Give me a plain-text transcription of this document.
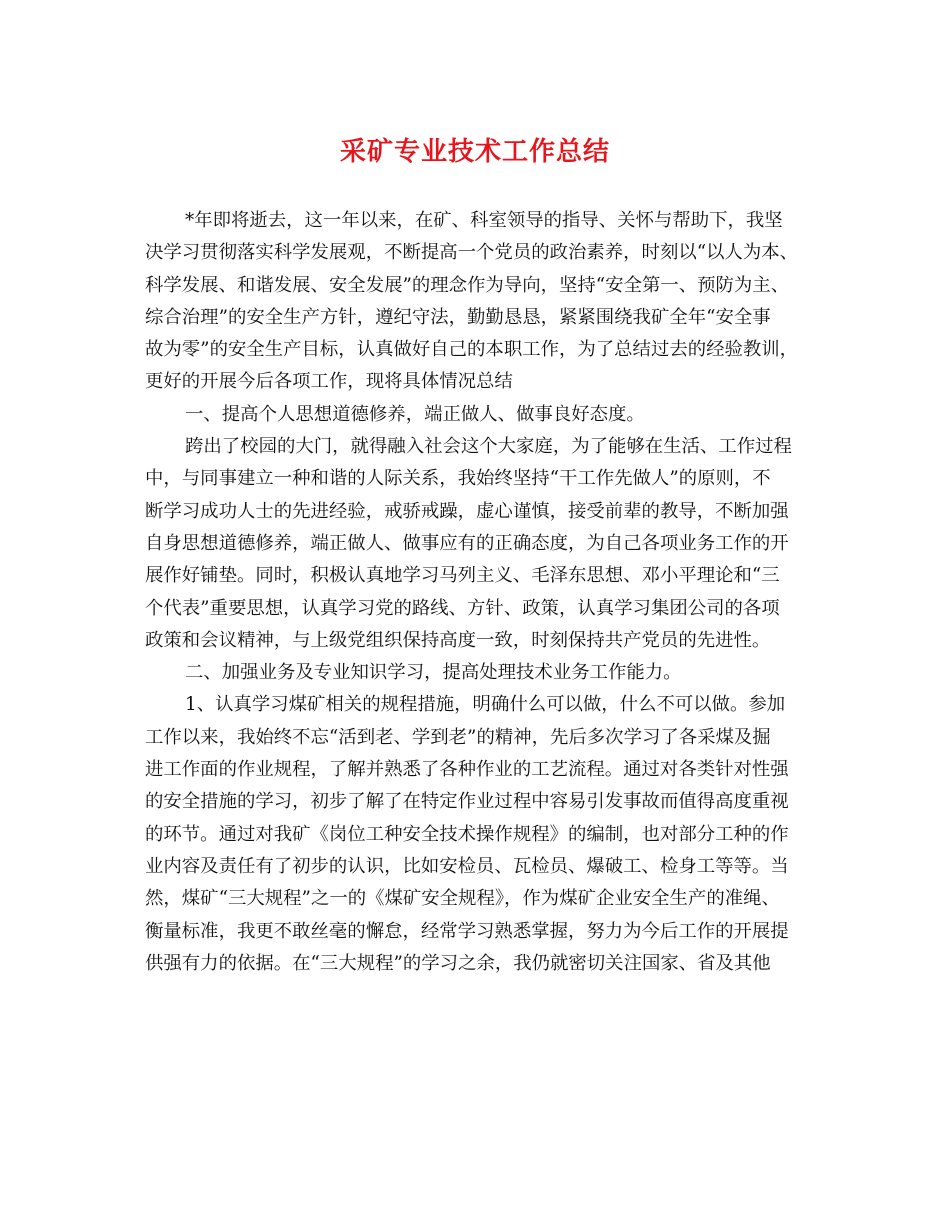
采矿专业技术工作总结
*年即将逝去，这一年以来，在矿、科室领导的指导、关怀与帮助下，我坚
决学习贯彻落实科学发展观，不断提高一个党员的政治素养，时刻以“以人为本、
科学发展、和谐发展、安全发展”的理念作为导向，坚持“安全第一、预防为主、
综合治理”的安全生产方针，遵纪守法，勤勤恳恳，紧紧围绕我矿全年“安全事
故为零”的安全生产目标，认真做好自己的本职工作，为了总结过去的经验教训，
更好的开展今后各项工作，现将具体情况总结
一、提高个人思想道德修养，端正做人、做事良好态度。
跨出了校园的大门，就得融入社会这个大家庭，为了能够在生活、工作过程
中，与同事建立一种和谐的人际关系，我始终坚持“干工作先做人”的原则，不
断学习成功人士的先进经验，戒骄戒躁，虚心谨慎，接受前辈的教导，不断加强
自身思想道德修养，端正做人、做事应有的正确态度，为自己各项业务工作的开
展作好铺垫。同时，积极认真地学习马列主义、毛泽东思想、邓小平理论和“三
个代表”重要思想，认真学习党的路线、方针、政策，认真学习集团公司的各项
政策和会议精神，与上级党组织保持高度一致，时刻保持共产党员的先进性。
二、加强业务及专业知识学习，提高处理技术业务工作能力。
1、认真学习煤矿相关的规程措施，明确什么可以做，什么不可以做。参加
工作以来，我始终不忘“活到老、学到老”的精神，先后多次学习了各采煤及掘
进工作面的作业规程，了解并熟悉了各种作业的工艺流程。通过对各类针对性强
的安全措施的学习，初步了解了在特定作业过程中容易引发事故而值得高度重视
的环节。通过对我矿《岗位工种安全技术操作规程》的编制，也对部分工种的作
业内容及责任有了初步的认识，比如安检员、瓦检员、爆破工、检身工等等。当
然，煤矿“三大规程”之一的《煤矿安全规程》，作为煤矿企业安全生产的准绳、
衡量标准，我更不敢丝毫的懈怠，经常学习熟悉掌握，努力为今后工作的开展提
供强有力的依据。在“三大规程”的学习之余，我仍就密切关注国家、省及其他
